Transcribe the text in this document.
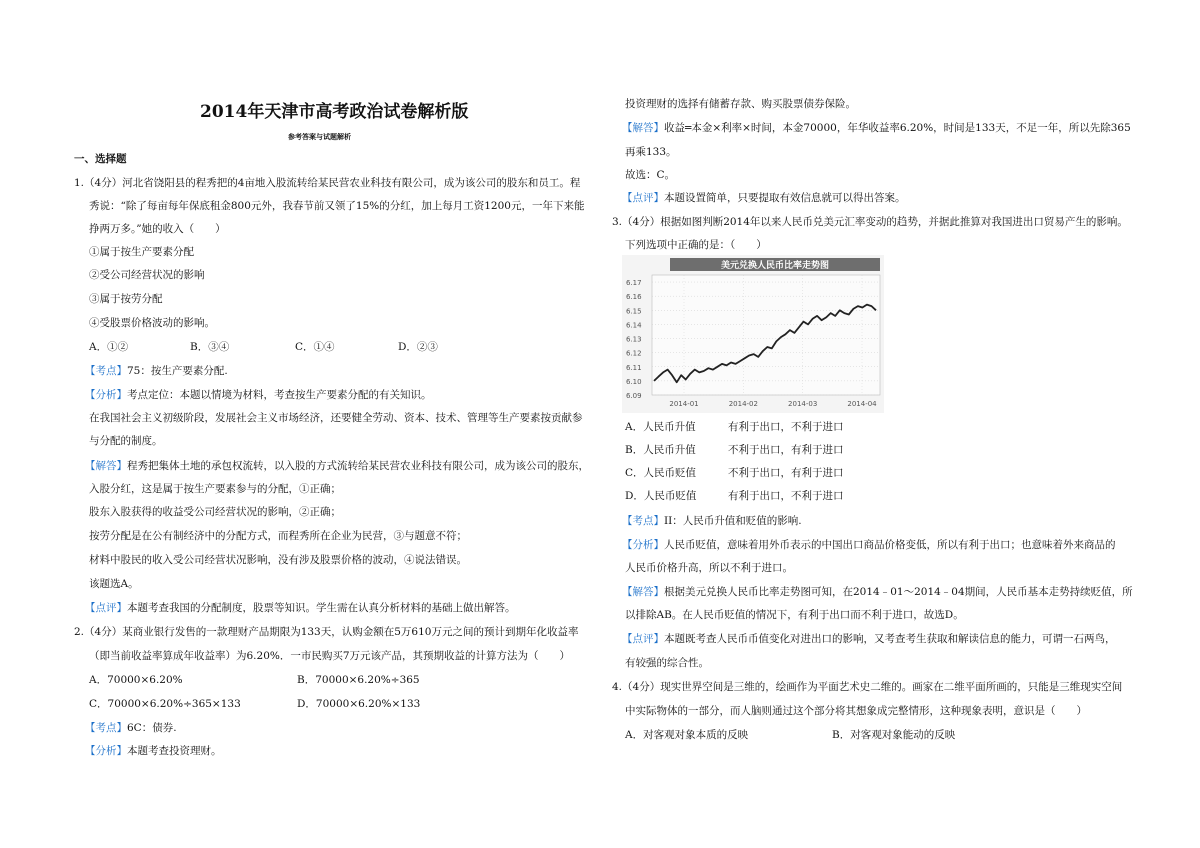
2014年天津市高考政治试卷解析版
参考答案与试题解析
一、选择题
1.（4分）河北省饶阳县的程秀把的4亩地入股流转给某民营农业科技有限公司，成为该公司的股东和员工。程
秀说：“除了每亩每年保底租金800元外，我春节前又领了15%的分红，加上每月工资1200元，一年下来能
挣两万多。”她的收入（　　）
①属于按生产要素分配
②受公司经营状况的影响
③属于按劳分配
④受股票价格波动的影响。
A．①②	B．③④	C．①④	D．②③
【考点】75：按生产要素分配.
【分析】考点定位：本题以情境为材料，考查按生产要素分配的有关知识。
在我国社会主义初级阶段，发展社会主义市场经济，还要健全劳动、资本、技术、管理等生产要素按贡献参
与分配的制度。
【解答】程秀把集体土地的承包权流转，以入股的方式流转给某民营农业科技有限公司，成为该公司的股东，
入股分红，这是属于按生产要素参与的分配，①正确；
股东入股获得的收益受公司经营状况的影响，②正确；
按劳分配是在公有制经济中的分配方式，而程秀所在企业为民营，③与题意不符；
材料中股民的收入受公司经营状况影响，没有涉及股票价格的波动，④说法错误。
该题选A。
【点评】本题考查我国的分配制度，股票等知识。学生需在认真分析材料的基础上做出解答。
2.（4分）某商业银行发售的一款理财产品期限为133天，认购金额在5万610万元之间的预计到期年化收益率
（即当前收益率算成年收益率）为6.20%．一市民购买7万元该产品，其预期收益的计算方法为（　　）
A．70000×6.20%	B．70000×6.20%÷365
C．70000×6.20%÷365×133	D．70000×6.20%×133
【考点】6C：债券.
【分析】本题考查投资理财。
投资理财的选择有储蓄存款、购买股票债券保险。
【解答】收益═本金×利率×时间，本金70000，年华收益率6.20%，时间是133天，不足一年，所以先除365
再乘133。
故选：C。
【点评】本题设置简单，只要提取有效信息就可以得出答案。
3.（4分）根据如图判断2014年以来人民币兑美元汇率变动的趋势，并据此推算对我国进出口贸易产生的影响。
下列选项中正确的是：（　　）
美元兑换人民币比率走势图
6.09
6.10
6.11
6.12
6.13
6.14
6.15
6.16
6.17
2014-01	2014-02	2014-03	2014-04
A．人民币升值	有利于出口，不利于进口
B．人民币升值	不利于出口，有利于进口
C．人民币贬值	不利于出口，有利于进口
D．人民币贬值	有利于出口，不利于进口
【考点】II：人民币升值和贬值的影响.
【分析】人民币贬值，意味着用外币表示的中国出口商品价格变低，所以有利于出口；也意味着外来商品的
人民币价格升高，所以不利于进口。
【解答】根据美元兑换人民币比率走势图可知，在2014﹣01～2014﹣04期间，人民币基本走势持续贬值，所
以排除AB。在人民币贬值的情况下，有利于出口而不利于进口，故选D。
【点评】本题既考查人民币币值变化对进出口的影响，又考查考生获取和解读信息的能力，可谓一石两鸟，
有较强的综合性。
4.（4分）现实世界空间是三维的，绘画作为平面艺术史二维的。画家在二维平面所画的，只能是三维现实空间
中实际物体的一部分，而人脑则通过这个部分将其想象成完整情形，这种现象表明，意识是（　　）
A．对客观对象本质的反映	B．对客观对象能动的反映
